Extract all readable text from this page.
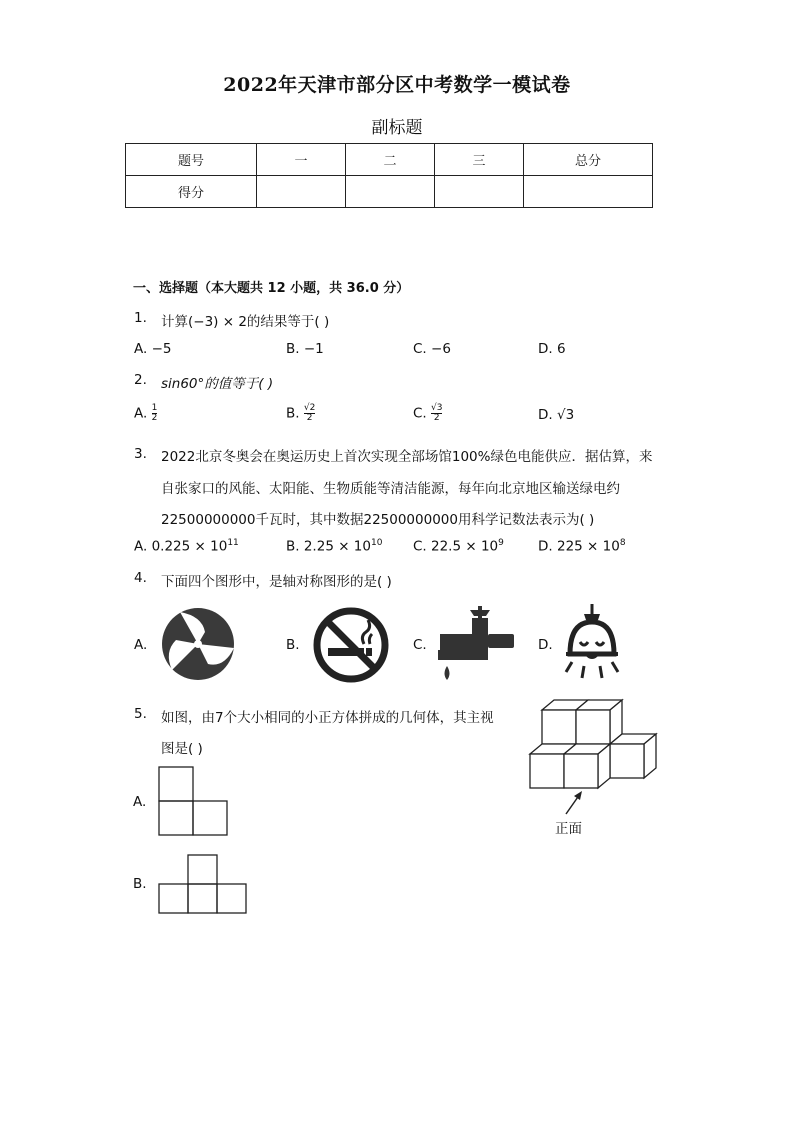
2022年天津市部分区中考数学一模试卷
副标题
题号	一	二	三	总分
得分				
一、选择题（本大题共 12 小题，共 36.0 分）
1. 计算(−3) × 2的结果等于( )
A. −5	B. −1	C. −6	D. 6
2. sin60°的值等于( )
A. $\frac{1}{2}$	B. $\frac{√2}{2}$	C. $\frac{√3}{2}$	D. √3
3. 2022北京冬奥会在奥运历史上首次实现全部场馆100%绿色电能供应．据估算，来
自张家口的风能、太阳能、生物质能等清洁能源，每年向北京地区输送绿电约
22500000000千瓦时，其中数据22500000000用科学记数法表示为( )
A. $0.225 \times 10^{11}$	B. $2.25 \times 10^{10}$ C. $22.5 \times 10^9$	D. $225 \times 10^8$
4. 下面四个图形中，是轴对称图形的是( )
A.	B.	C.	D.
5. 如图，由7个大小相同的小正方体拼成的几何体，其主视
图是( )
正面
A.
B.
